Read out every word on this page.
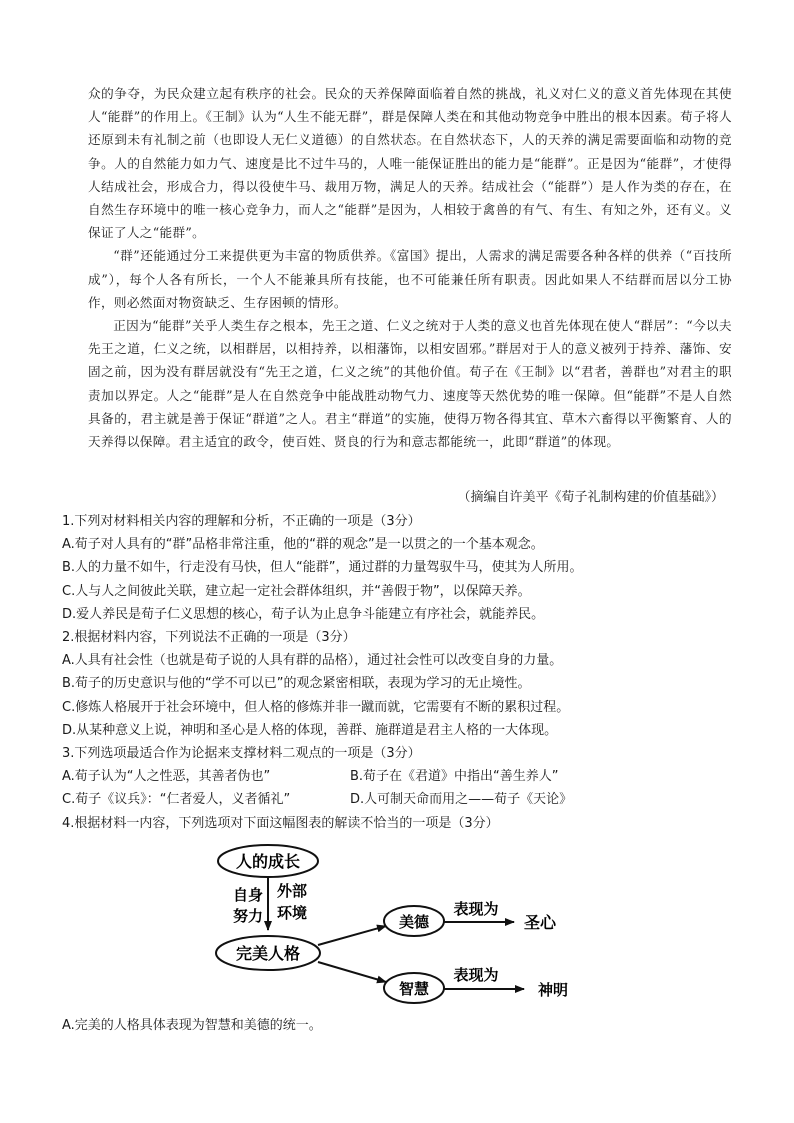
众的争夺，为民众建立起有秩序的社会。民众的天养保障面临着自然的挑战，礼义对仁义的意义首先体现在其使人“能群”的作用上。《王制》认为“人生不能无群”，群是保障人类在和其他动物竞争中胜出的根本因素。荀子将人还原到未有礼制之前（也即设人无仁义道德）的自然状态。在自然状态下，人的天养的满足需要面临和动物的竞争。人的自然能力如力气、速度是比不过牛马的，人唯一能保证胜出的能力是“能群”。正是因为“能群”，才使得人结成社会，形成合力，得以役使牛马、裁用万物，满足人的天养。结成社会（“能群”）是人作为类的存在，在自然生存环境中的唯一核心竞争力，而人之“能群”是因为，人相较于禽兽的有气、有生、有知之外，还有义。义保证了人之“能群”。

“群”还能通过分工来提供更为丰富的物质供养。《富国》提出，人需求的满足需要各种各样的供养（“百技所成”），每个人各有所长，一个人不能兼具所有技能，也不可能兼任所有职责。因此如果人不结群而居以分工协作，则必然面对物资缺乏、生存困顿的情形。

正因为“能群”关乎人类生存之根本，先王之道、仁义之统对于人类的意义也首先体现在使人“群居”：“今以夫先王之道，仁义之统，以相群居，以相持养，以相藩饰，以相安固邪。”群居对于人的意义被列于持养、藩饰、安固之前，因为没有群居就没有“先王之道，仁义之统”的其他价值。荀子在《王制》以“君者，善群也”对君主的职责加以界定。人之“能群”是人在自然竞争中能战胜动物气力、速度等天然优势的唯一保障。但“能群”不是人自然具备的，君主就是善于保证“群道”之人。君主“群道”的实施，使得万物各得其宜、草木六畜得以平衡繁育、人的天养得以保障。君主适宜的政令，使百姓、贤良的行为和意志都能统一，此即“群道”的体现。

（摘编自许美平《荀子礼制构建的价值基础》）
1.下列对材料相关内容的理解和分析，不正确的一项是（3分）
A.荀子对人具有的“群”品格非常注重，他的“群的观念”是一以贯之的一个基本观念。
B.人的力量不如牛，行走没有马快，但人“能群”，通过群的力量驾驭牛马，使其为人所用。
C.人与人之间彼此关联，建立起一定社会群体组织，并“善假于物”，以保障天养。
D.爱人养民是荀子仁义思想的核心，荀子认为止息争斗能建立有序社会，就能养民。
2.根据材料内容，下列说法不正确的一项是（3分）
A.人具有社会性（也就是荀子说的人具有群的品格），通过社会性可以改变自身的力量。
B.荀子的历史意识与他的“学不可以已”的观念紧密相联，表现为学习的无止境性。
C.修炼人格展开于社会环境中，但人格的修炼并非一蹴而就，它需要有不断的累积过程。
D.从某种意义上说，神明和圣心是人格的体现，善群、施群道是君主人格的一大体现。
3.下列选项最适合作为论据来支撑材料二观点的一项是（3分）
A.荀子认为“人之性恶，其善者伪也”	B.荀子在《君道》中指出“善生养人”
C.荀子《议兵》：“仁者爱人，义者循礼”	D.人可制天命而用之——荀子《天论》
4.根据材料一内容，下列选项对下面这幅图表的解读不恰当的一项是（3分）
人的成长
自身
努力
外部
环境
完美人格
美德
智慧
表现为
圣心
表现为
神明
A.完美的人格具体表现为智慧和美德的统一。
